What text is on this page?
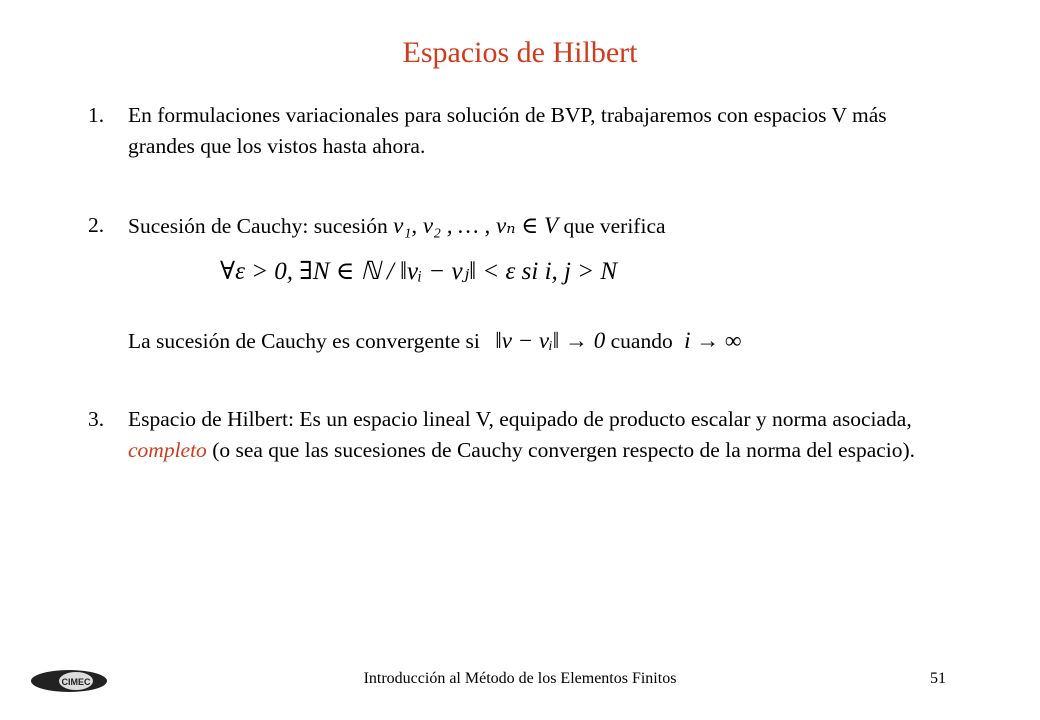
Espacios de Hilbert
1. En formulaciones variacionales para solución de BVP, trabajaremos con espacios V más grandes que los vistos hasta ahora.
2. Sucesión de Cauchy: sucesión v₁, v₂ , … , vₙ ∈ V que verifica
∀ε > 0, ∃N ∈ ℕ / ‖vᵢ − vⱼ‖ < ε si i, j > N
La sucesión de Cauchy es convergente si ‖v − vᵢ‖ → 0 cuando i → ∞
3. Espacio de Hilbert: Es un espacio lineal V, equipado de producto escalar y norma asociada, completo (o sea que las sucesiones de Cauchy convergen respecto de la norma del espacio).
CIMEC	Introducción al Método de los Elementos Finitos	51
